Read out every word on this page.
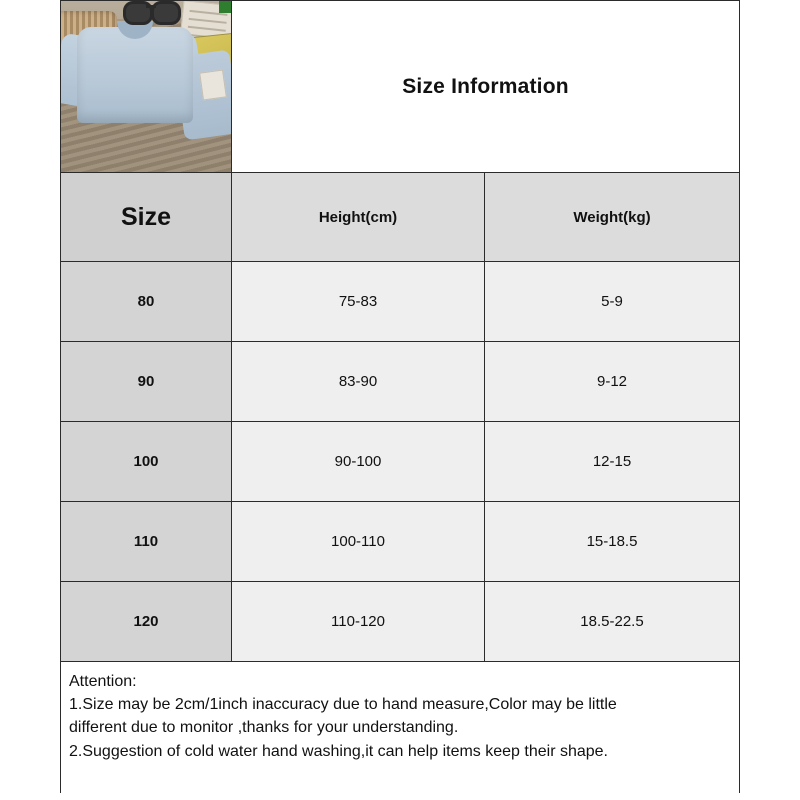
Size Information
Size	Height(cm)	Weight(kg)
80	75-83	5-9
90	83-90	9-12
100	90-100	12-15
110	100-110	15-18.5
120	110-120	18.5-22.5

Attention:

1.Size may be 2cm/1inch inaccuracy due to hand measure,Color may be little

different due to monitor ,thanks for your understanding.

2.Suggestion of cold water hand washing,it can help items keep their shape.
